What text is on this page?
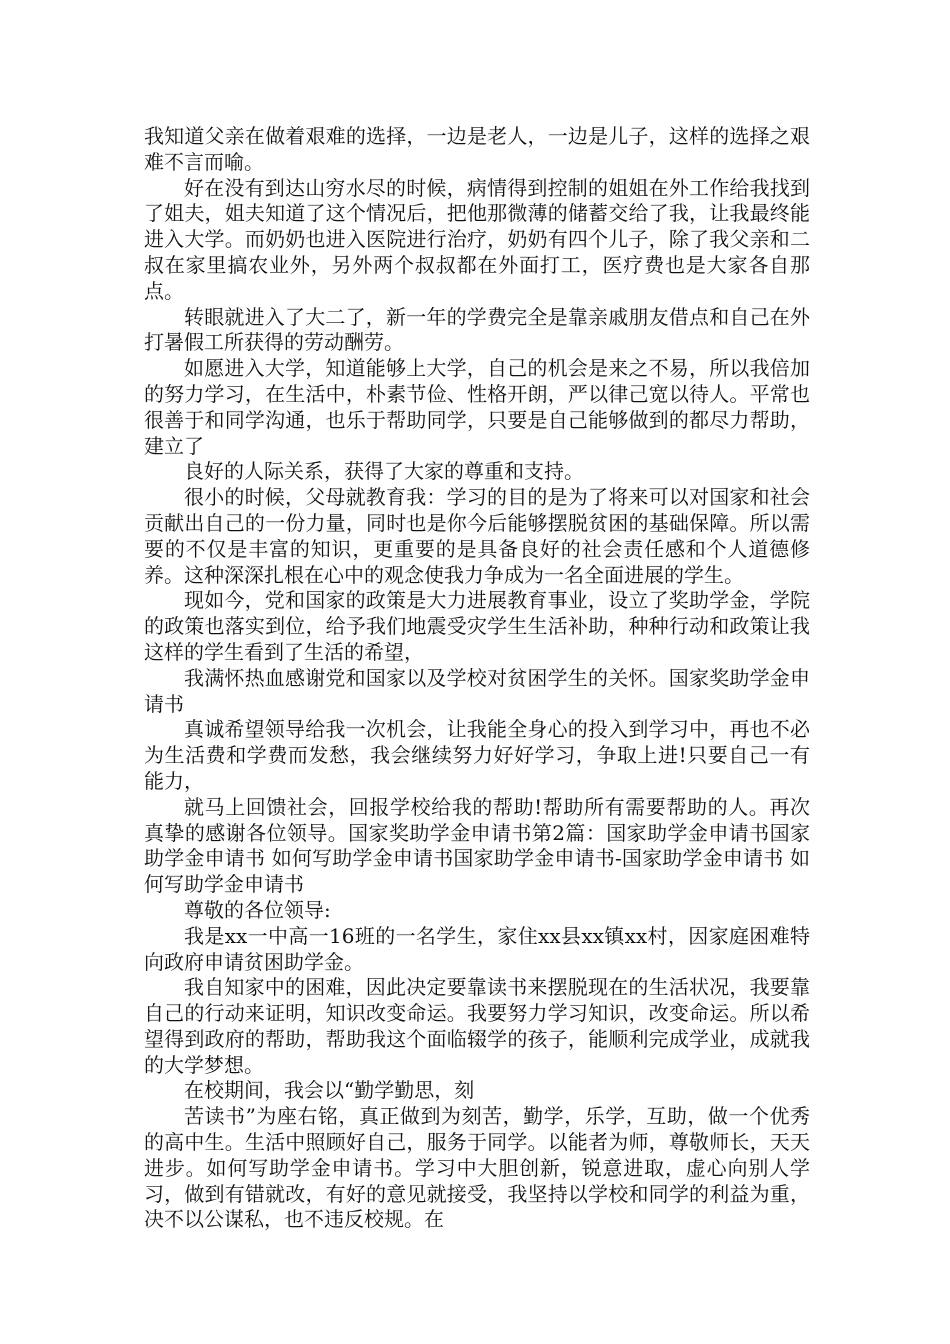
我知道父亲在做着艰难的选择，一边是老人，一边是儿子，这样的选择之艰难不言而喻。

好在没有到达山穷水尽的时候，病情得到控制的姐姐在外工作给我找到了姐夫，姐夫知道了这个情况后，把他那微薄的储蓄交给了我，让我最终能进入大学。而奶奶也进入医院进行治疗，奶奶有四个儿子，除了我父亲和二叔在家里搞农业外，另外两个叔叔都在外面打工，医疗费也是大家各自那点。

转眼就进入了大二了，新一年的学费完全是靠亲戚朋友借点和自己在外打暑假工所获得的劳动酬劳。

如愿进入大学，知道能够上大学，自己的机会是来之不易，所以我倍加的努力学习，在生活中，朴素节俭、性格开朗，严以律己宽以待人。平常也很善于和同学沟通，也乐于帮助同学，只要是自己能够做到的都尽力帮助，建立了

良好的人际关系，获得了大家的尊重和支持。

很小的时候，父母就教育我：学习的目的是为了将来可以对国家和社会贡献出自己的一份力量，同时也是你今后能够摆脱贫困的基础保障。所以需要的不仅是丰富的知识，更重要的是具备良好的社会责任感和个人道德修养。这种深深扎根在心中的观念使我力争成为一名全面进展的学生。

现如今，党和国家的政策是大力进展教育事业，设立了奖助学金，学院的政策也落实到位，给予我们地震受灾学生生活补助，种种行动和政策让我这样的学生看到了生活的希望，

我满怀热血感谢党和国家以及学校对贫困学生的关怀。国家奖助学金申请书

真诚希望领导给我一次机会，让我能全身心的投入到学习中，再也不必为生活费和学费而发愁，我会继续努力好好学习，争取上进!只要自己一有能力，

就马上回馈社会，回报学校给我的帮助!帮助所有需要帮助的人。再次真挚的感谢各位领导。国家奖助学金申请书第2篇：国家助学金申请书国家助学金申请书 如何写助学金申请书国家助学金申请书-国家助学金申请书 如何写助学金申请书

尊敬的各位领导:

我是xx一中高一16班的一名学生，家住xx县xx镇xx村，因家庭困难特向政府申请贫困助学金。

我自知家中的困难，因此决定要靠读书来摆脱现在的生活状况，我要靠自己的行动来证明，知识改变命运。我要努力学习知识，改变命运。所以希望得到政府的帮助，帮助我这个面临辍学的孩子，能顺利完成学业，成就我的大学梦想。

在校期间，我会以“勤学勤思，刻

苦读书”为座右铭，真正做到为刻苦，勤学，乐学，互助，做一个优秀的高中生。生活中照顾好自己，服务于同学。以能者为师，尊敬师长，天天进步。如何写助学金申请书。学习中大胆创新，锐意进取，虚心向别人学习，做到有错就改，有好的意见就接受，我坚持以学校和同学的利益为重，决不以公谋私，也不违反校规。在
